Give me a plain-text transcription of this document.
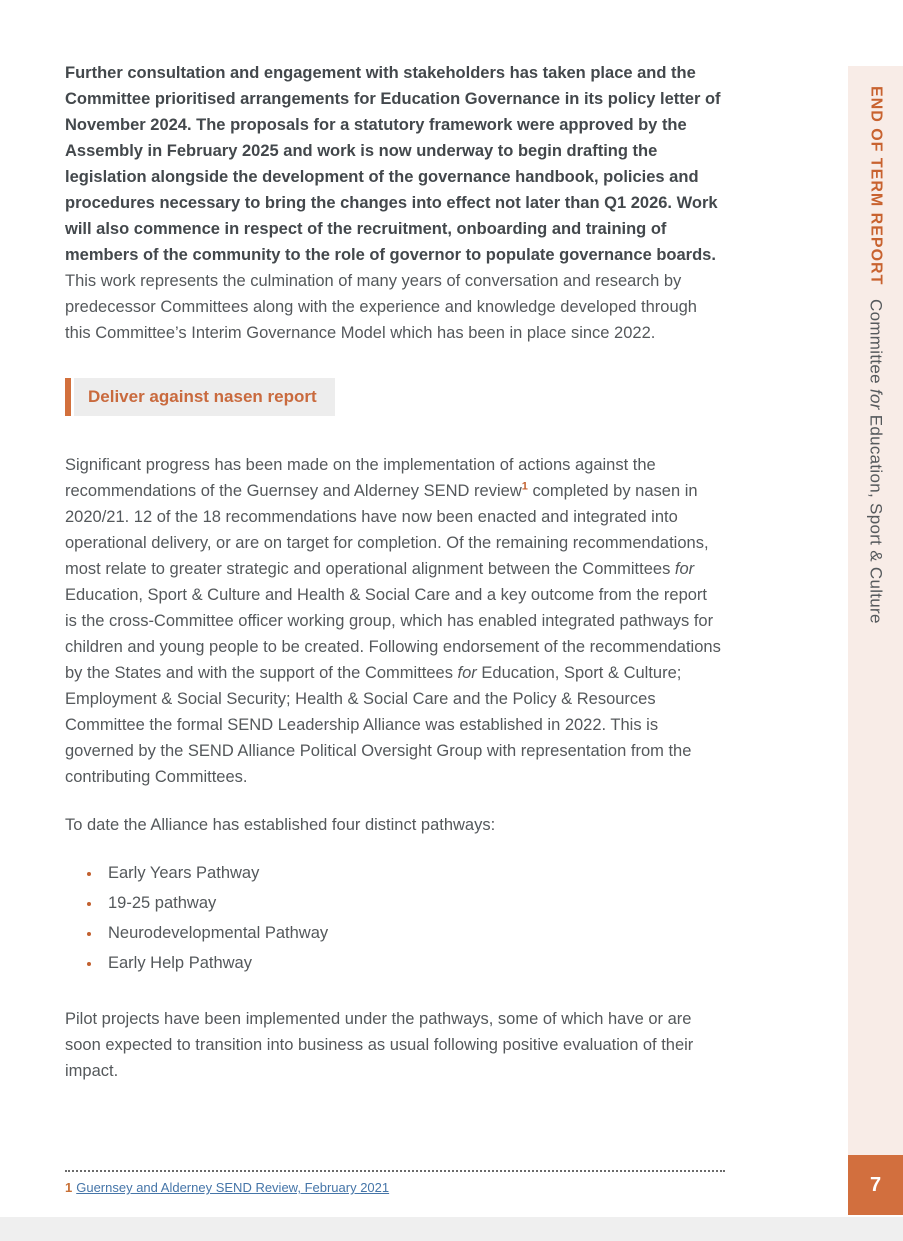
Further consultation and engagement with stakeholders has taken place and the Committee prioritised arrangements for Education Governance in its policy letter of November 2024. The proposals for a statutory framework were approved by the Assembly in February 2025 and work is now underway to begin drafting the legislation alongside the development of the governance handbook, policies and procedures necessary to bring the changes into effect not later than Q1 2026. Work will also commence in respect of the recruitment, onboarding and training of members of the community to the role of governor to populate governance boards. This work represents the culmination of many years of conversation and research by predecessor Committees along with the experience and knowledge developed through this Committee’s Interim Governance Model which has been in place since 2022.

Deliver against nasen report

Significant progress has been made on the implementation of actions against the recommendations of the Guernsey and Alderney SEND review$^1$ completed by nasen in 2020/21. 12 of the 18 recommendations have now been enacted and integrated into operational delivery, or are on target for completion. Of the remaining recommendations, most relate to greater strategic and operational alignment between the Committees for Education, Sport & Culture and Health & Social Care and a key outcome from the report is the cross-Committee officer working group, which has enabled integrated pathways for children and young people to be created. Following endorsement of the recommendations by the States and with the support of the Committees for Education, Sport & Culture; Employment & Social Security; Health & Social Care and the Policy & Resources Committee the formal SEND Leadership Alliance was established in 2022. This is governed by the SEND Alliance Political Oversight Group with representation from the contributing Committees.

To date the Alliance has established four distinct pathways:

• Early Years Pathway
• 19-25 pathway
• Neurodevelopmental Pathway
• Early Help Pathway

Pilot projects have been implemented under the pathways, some of which have or are soon expected to transition into business as usual following positive evaluation of their impact.

1 Guernsey and Alderney SEND Review, February 2021
END OF TERM REPORTCommittee for Education, Sport & Culture
7
